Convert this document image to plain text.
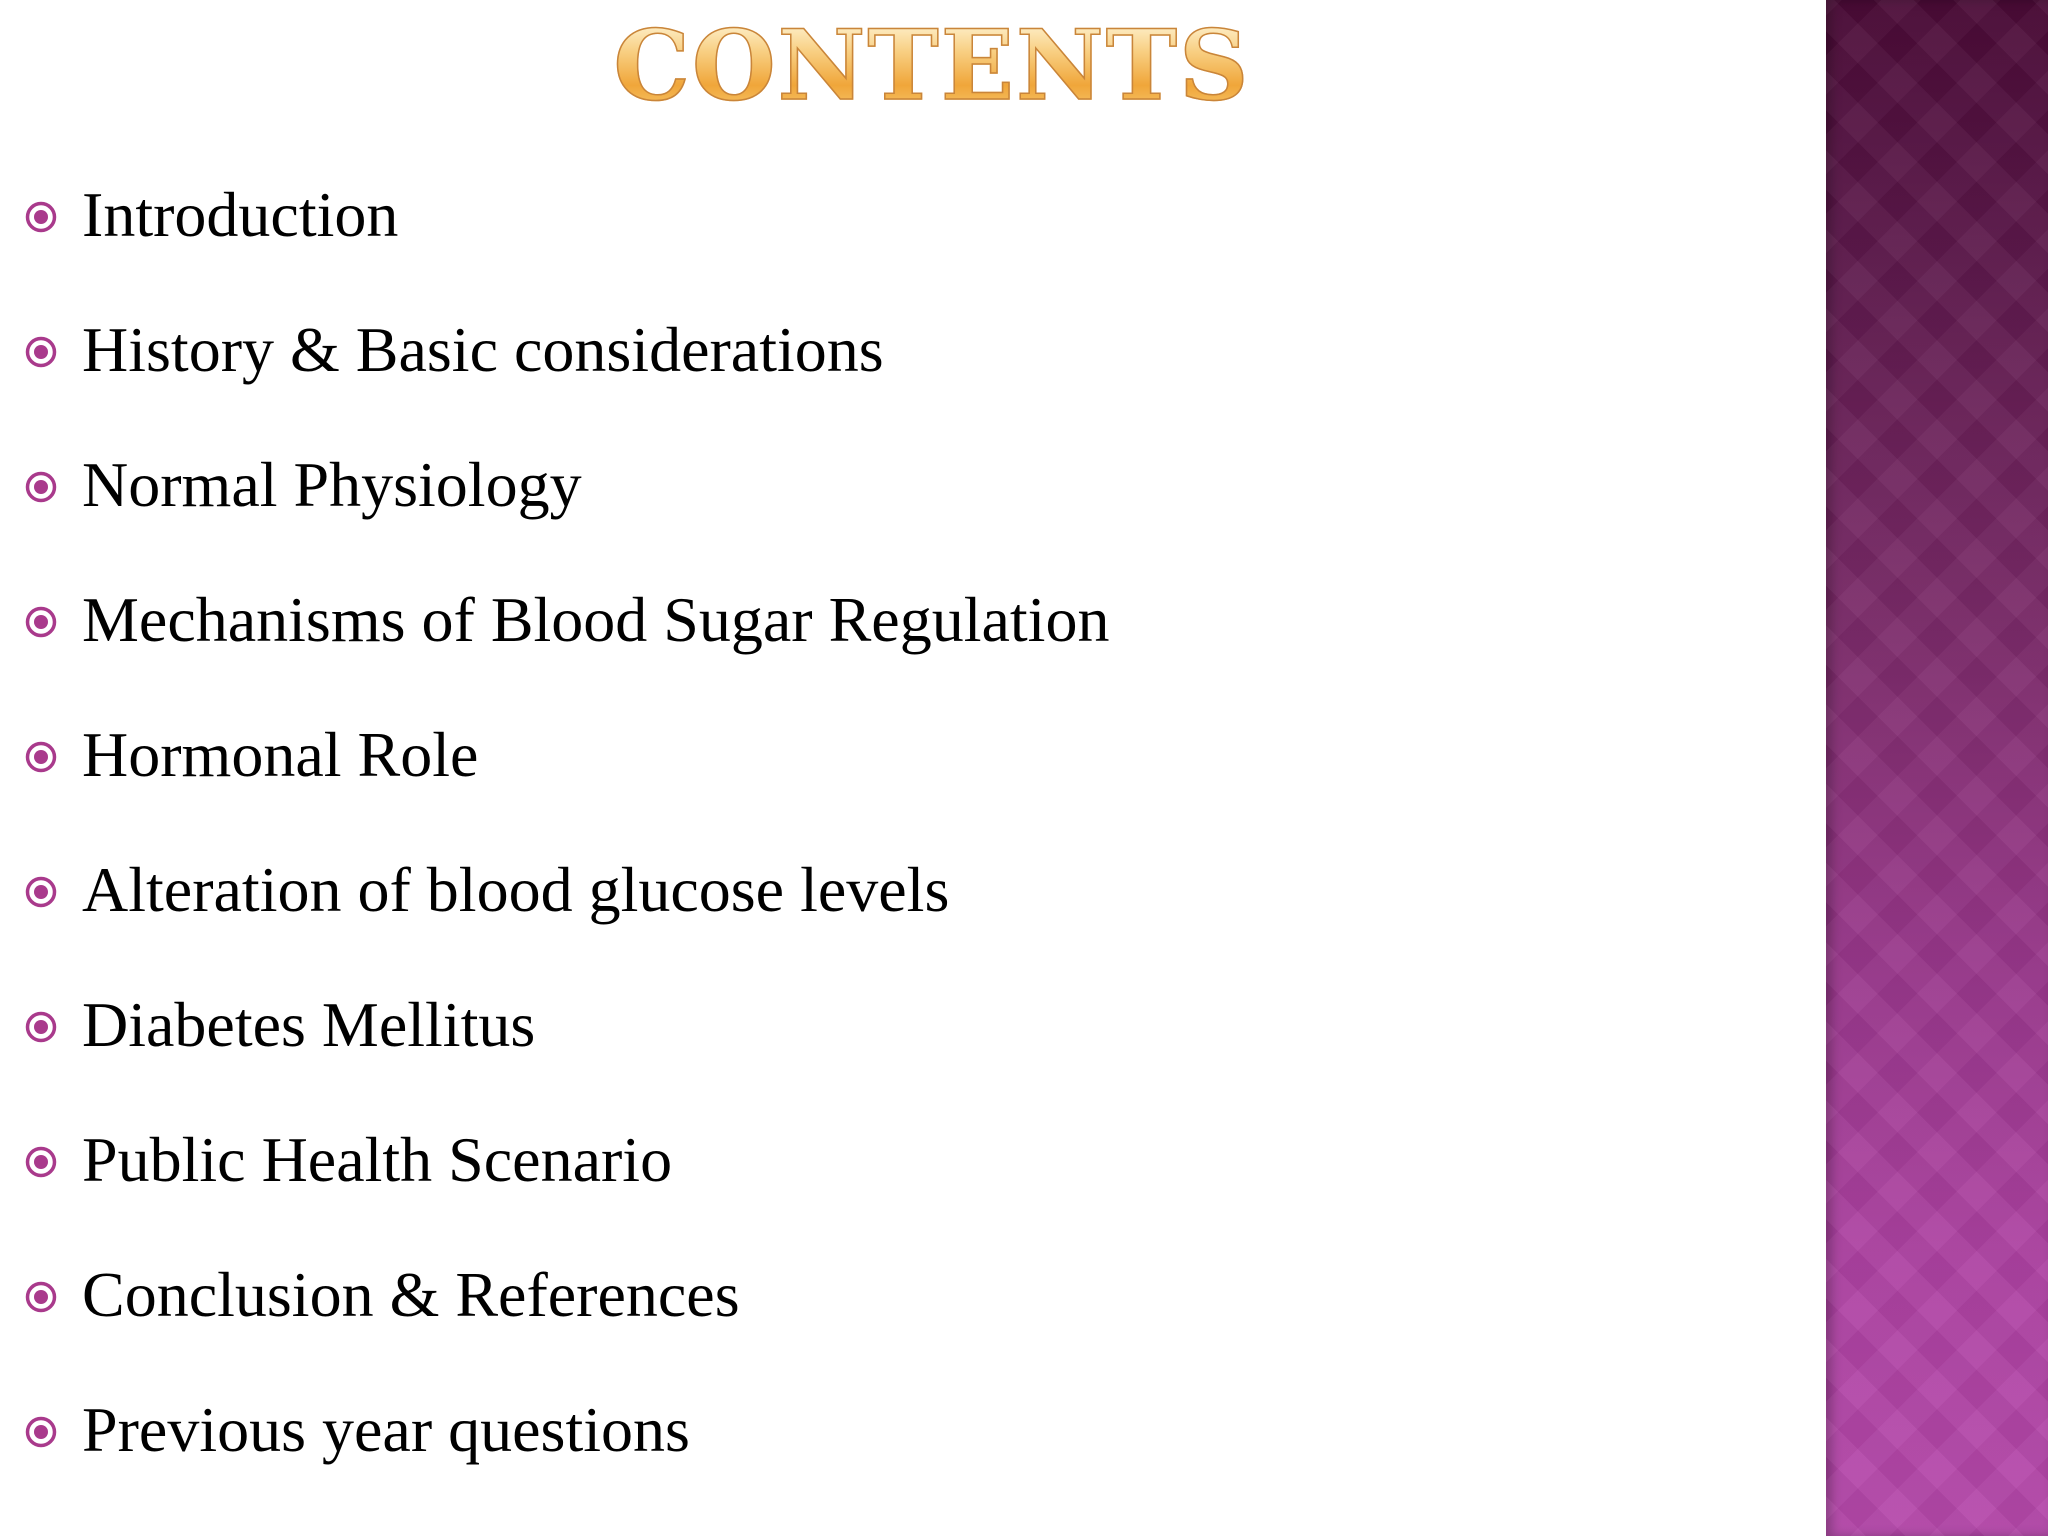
CONTENTS
Introduction
History & Basic considerations
Normal Physiology
Mechanisms of Blood Sugar Regulation
Hormonal Role
Alteration of blood glucose levels
Diabetes Mellitus
Public Health Scenario
Conclusion & References
Previous year questions
